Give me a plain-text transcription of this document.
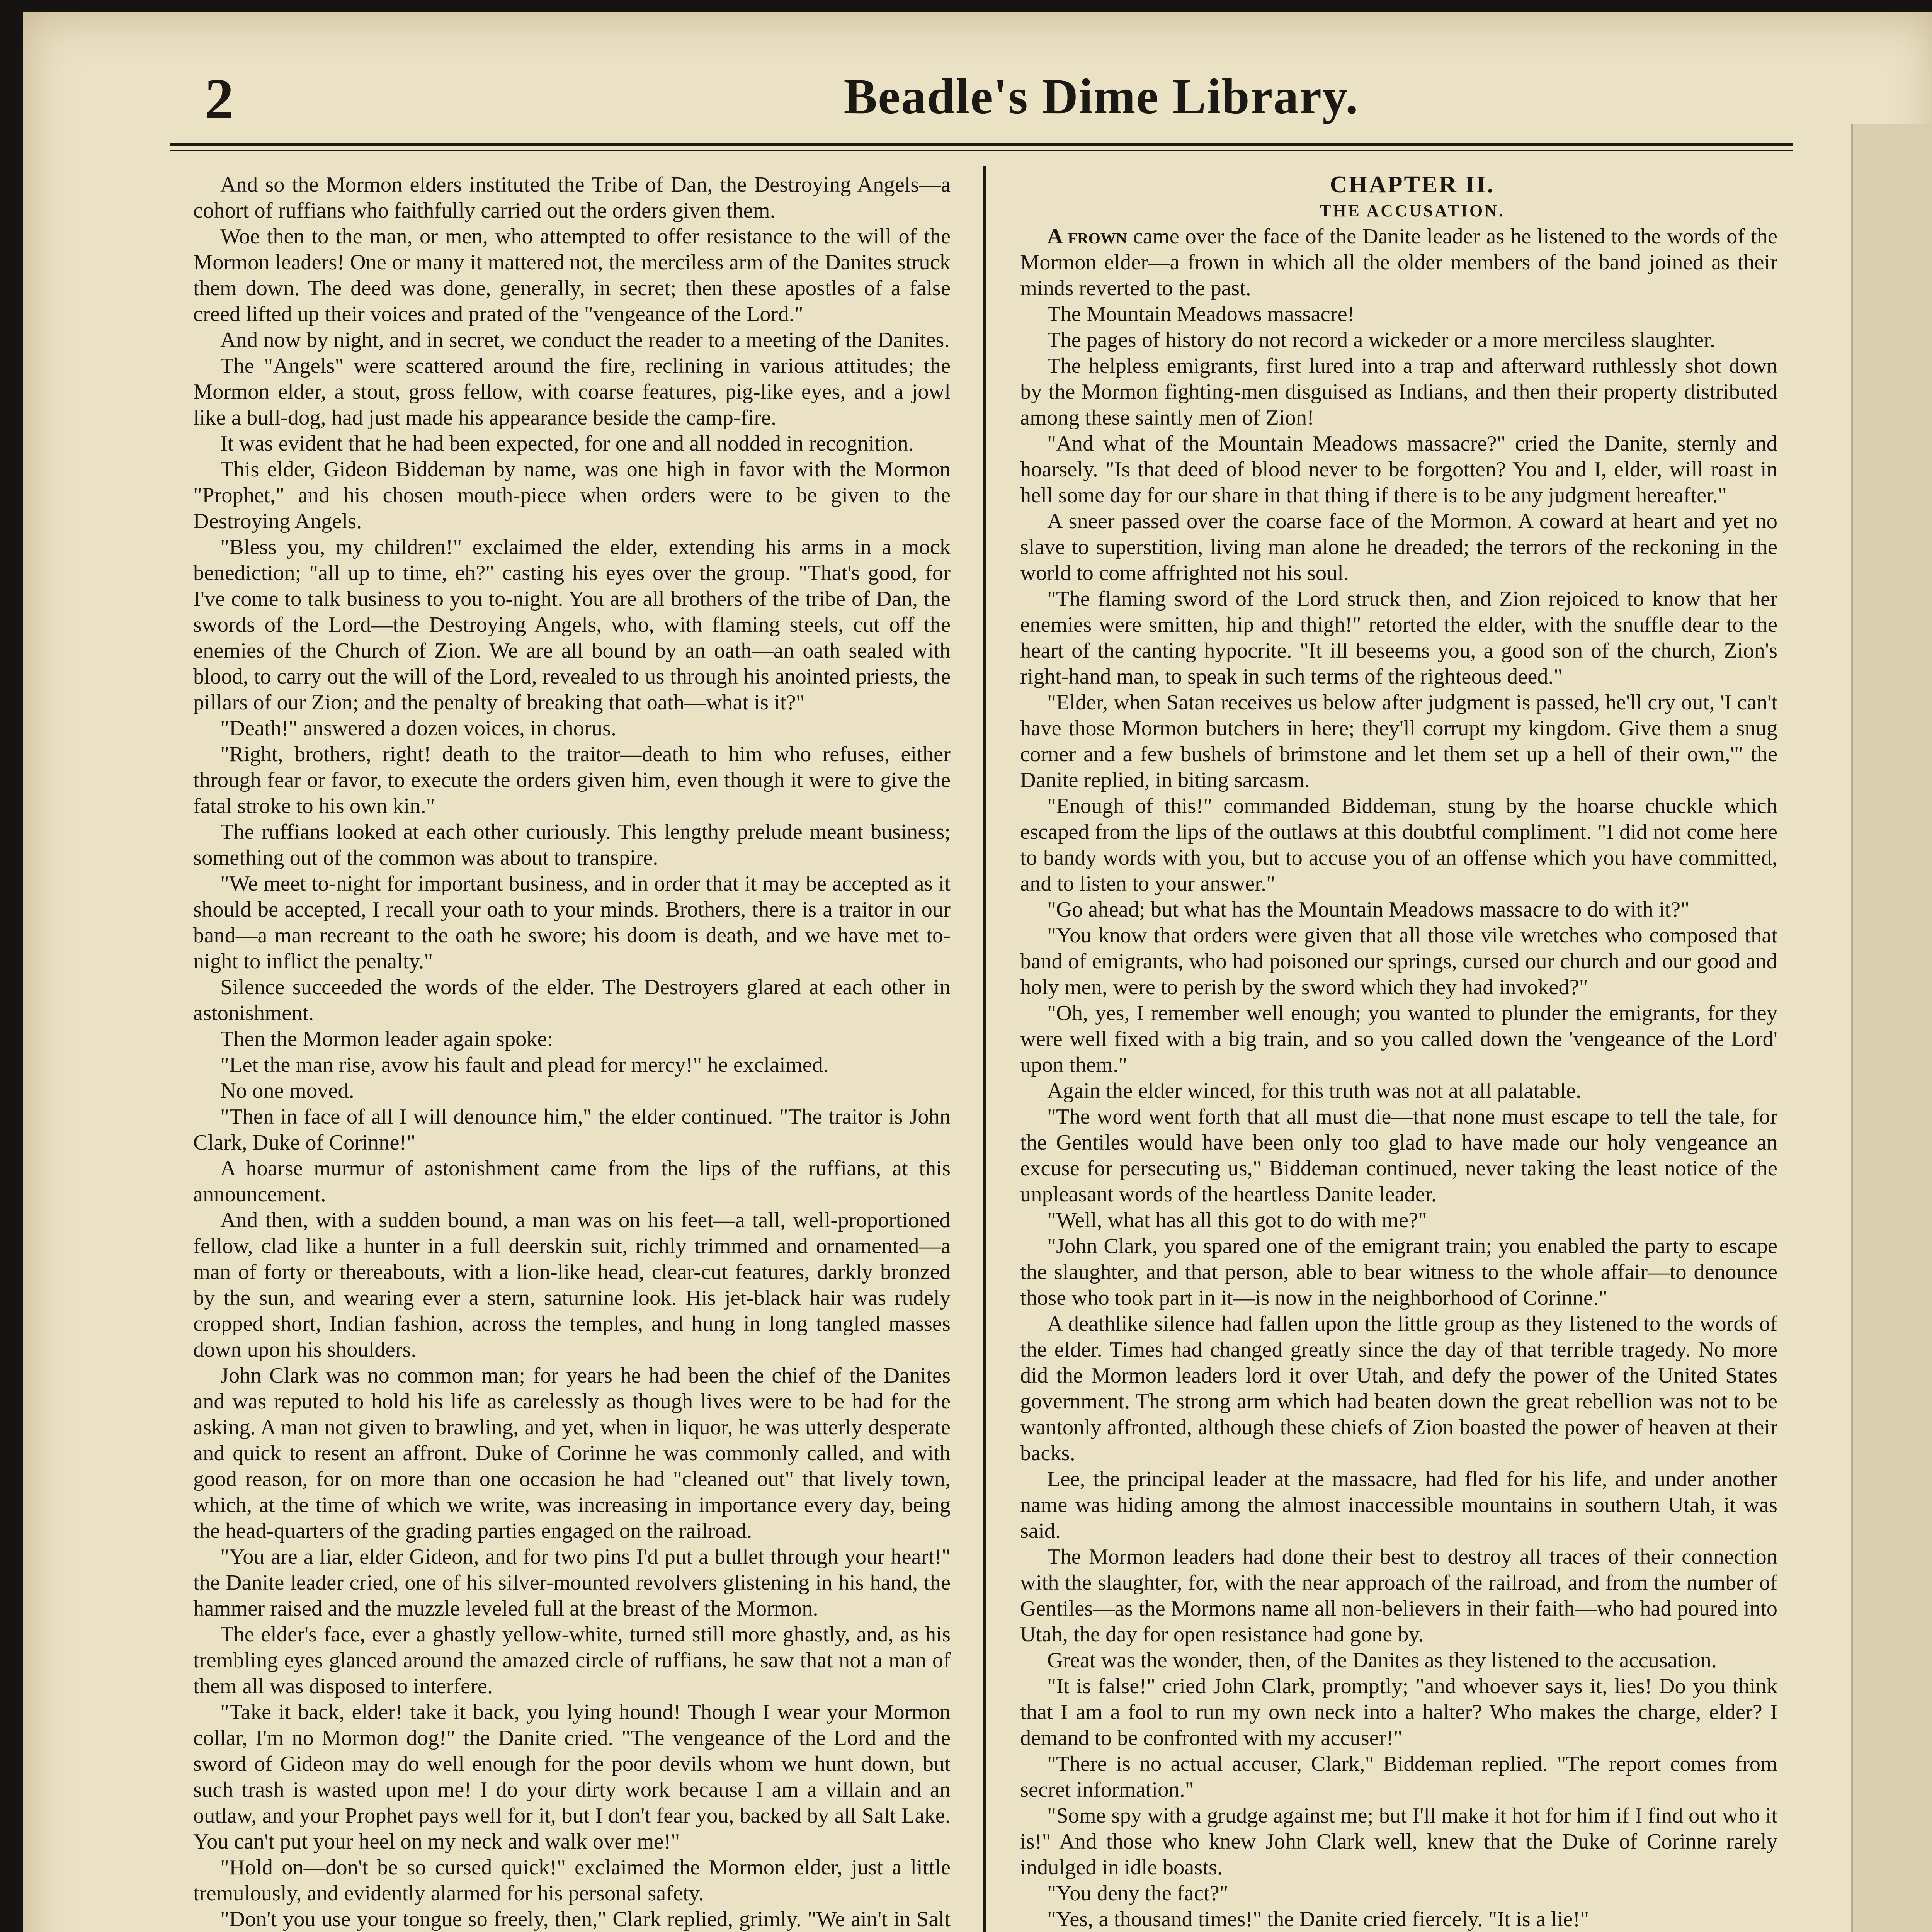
2	Beadle's Dime Library.

And so the Mormon elders instituted the Tribe of Dan, the Destroying Angels—a cohort of ruffians who faithfully carried out the orders given them.

Woe then to the man, or men, who attempted to offer resistance to the will of the Mormon leaders! One or many it mattered not, the merciless arm of the Danites struck them down. The deed was done, generally, in secret; then these apostles of a false creed lifted up their voices and prated of the "vengeance of the Lord."

And now by night, and in secret, we conduct the reader to a meeting of the Danites.

The "Angels" were scattered around the fire, reclining in various attitudes; the Mormon elder, a stout, gross fellow, with coarse features, pig-like eyes, and a jowl like a bull-dog, had just made his appearance beside the camp-fire.

It was evident that he had been expected, for one and all nodded in recognition.

This elder, Gideon Biddeman by name, was one high in favor with the Mormon "Prophet," and his chosen mouth-piece when orders were to be given to the Destroying Angels.

"Bless you, my children!" exclaimed the elder, extending his arms in a mock benediction; "all up to time, eh?" casting his eyes over the group. "That's good, for I've come to talk business to you to-night. You are all brothers of the tribe of Dan, the swords of the Lord—the Destroying Angels, who, with flaming steels, cut off the enemies of the Church of Zion. We are all bound by an oath—an oath sealed with blood, to carry out the will of the Lord, revealed to us through his anointed priests, the pillars of our Zion; and the penalty of breaking that oath—what is it?"

"Death!" answered a dozen voices, in chorus.

"Right, brothers, right! death to the traitor—death to him who refuses, either through fear or favor, to execute the orders given him, even though it were to give the fatal stroke to his own kin."

The ruffians looked at each other curiously. This lengthy prelude meant business; something out of the common was about to transpire.

"We meet to-night for important business, and in order that it may be accepted as it should be accepted, I recall your oath to your minds. Brothers, there is a traitor in our band—a man recreant to the oath he swore; his doom is death, and we have met to-night to inflict the penalty."

Silence succeeded the words of the elder. The Destroyers glared at each other in astonishment.

Then the Mormon leader again spoke:

"Let the man rise, avow his fault and plead for mercy!" he exclaimed.

No one moved.

"Then in face of all I will denounce him," the elder continued. "The traitor is John Clark, Duke of Corinne!"

A hoarse murmur of astonishment came from the lips of the ruffians, at this announcement.

And then, with a sudden bound, a man was on his feet—a tall, well-proportioned fellow, clad like a hunter in a full deerskin suit, richly trimmed and ornamented—a man of forty or thereabouts, with a lion-like head, clear-cut features, darkly bronzed by the sun, and wearing ever a stern, saturnine look. His jet-black hair was rudely cropped short, Indian fashion, across the temples, and hung in long tangled masses down upon his shoulders.

John Clark was no common man; for years he had been the chief of the Danites and was reputed to hold his life as carelessly as though lives were to be had for the asking. A man not given to brawling, and yet, when in liquor, he was utterly desperate and quick to resent an affront. Duke of Corinne he was commonly called, and with good reason, for on more than one occasion he had "cleaned out" that lively town, which, at the time of which we write, was increasing in importance every day, being the head-quarters of the grading parties engaged on the railroad.

"You are a liar, elder Gideon, and for two pins I'd put a bullet through your heart!" the Danite leader cried, one of his silver-mounted revolvers glistening in his hand, the hammer raised and the muzzle leveled full at the breast of the Mormon.

The elder's face, ever a ghastly yellow-white, turned still more ghastly, and, as his trembling eyes glanced around the amazed circle of ruffians, he saw that not a man of them all was disposed to interfere.

"Take it back, elder! take it back, you lying hound! Though I wear your Mormon collar, I'm no Mormon dog!" the Danite cried. "The vengeance of the Lord and the sword of Gideon may do well enough for the poor devils whom we hunt down, but such trash is wasted upon me! I do your dirty work because I am a villain and an outlaw, and your Prophet pays well for it, but I don't fear you, backed by all Salt Lake. You can't put your heel on my neck and walk over me!"

"Hold on—don't be so cursed quick!" exclaimed the Mormon elder, just a little tremulously, and evidently alarmed for his personal safety.

"Don't you use your tongue so freely, then," Clark replied, grimly. "We ain't in Salt

CHAPTER II.

THE ACCUSATION.

A frown came over the face of the Danite leader as he listened to the words of the Mormon elder—a frown in which all the older members of the band joined as their minds reverted to the past.

The Mountain Meadows massacre!

The pages of history do not record a wickeder or a more merciless slaughter.

The helpless emigrants, first lured into a trap and afterward ruthlessly shot down by the Mormon fighting-men disguised as Indians, and then their property distributed among these saintly men of Zion!

"And what of the Mountain Meadows massacre?" cried the Danite, sternly and hoarsely. "Is that deed of blood never to be forgotten? You and I, elder, will roast in hell some day for our share in that thing if there is to be any judgment hereafter."

A sneer passed over the coarse face of the Mormon. A coward at heart and yet no slave to superstition, living man alone he dreaded; the terrors of the reckoning in the world to come affrighted not his soul.

"The flaming sword of the Lord struck then, and Zion rejoiced to know that her enemies were smitten, hip and thigh!" retorted the elder, with the snuffle dear to the heart of the canting hypocrite. "It ill beseems you, a good son of the church, Zion's right-hand man, to speak in such terms of the righteous deed."

"Elder, when Satan receives us below after judgment is passed, he'll cry out, 'I can't have those Mormon butchers in here; they'll corrupt my kingdom. Give them a snug corner and a few bushels of brimstone and let them set up a hell of their own,'" the Danite replied, in biting sarcasm.

"Enough of this!" commanded Biddeman, stung by the hoarse chuckle which escaped from the lips of the outlaws at this doubtful compliment. "I did not come here to bandy words with you, but to accuse you of an offense which you have committed, and to listen to your answer."

"Go ahead; but what has the Mountain Meadows massacre to do with it?"

"You know that orders were given that all those vile wretches who composed that band of emigrants, who had poisoned our springs, cursed our church and our good and holy men, were to perish by the sword which they had invoked?"

"Oh, yes, I remember well enough; you wanted to plunder the emigrants, for they were well fixed with a big train, and so you called down the 'vengeance of the Lord' upon them."

Again the elder winced, for this truth was not at all palatable.

"The word went forth that all must die—that none must escape to tell the tale, for the Gentiles would have been only too glad to have made our holy vengeance an excuse for persecuting us," Biddeman continued, never taking the least notice of the unpleasant words of the heartless Danite leader.

"Well, what has all this got to do with me?"

"John Clark, you spared one of the emigrant train; you enabled the party to escape the slaughter, and that person, able to bear witness to the whole affair—to denounce those who took part in it—is now in the neighborhood of Corinne."

A deathlike silence had fallen upon the little group as they listened to the words of the elder. Times had changed greatly since the day of that terrible tragedy. No more did the Mormon leaders lord it over Utah, and defy the power of the United States government. The strong arm which had beaten down the great rebellion was not to be wantonly affronted, although these chiefs of Zion boasted the power of heaven at their backs.

Lee, the principal leader at the massacre, had fled for his life, and under another name was hiding among the almost inaccessible mountains in southern Utah, it was said.

The Mormon leaders had done their best to destroy all traces of their connection with the slaughter, for, with the near approach of the railroad, and from the number of Gentiles—as the Mormons name all non-believers in their faith—who had poured into Utah, the day for open resistance had gone by.

Great was the wonder, then, of the Danites as they listened to the accusation.

"It is false!" cried John Clark, promptly; "and whoever says it, lies! Do you think that I am a fool to run my own neck into a halter? Who makes the charge, elder? I demand to be confronted with my accuser!"

"There is no actual accuser, Clark," Biddeman replied. "The report comes from secret information."

"Some spy with a grudge against me; but I'll make it hot for him if I find out who it is!" And those who knew John Clark well, knew that the Duke of Corinne rarely indulged in idle boasts.

"You deny the fact?"

"Yes, a thousand times!" the Danite cried fiercely. "It is a lie!"
